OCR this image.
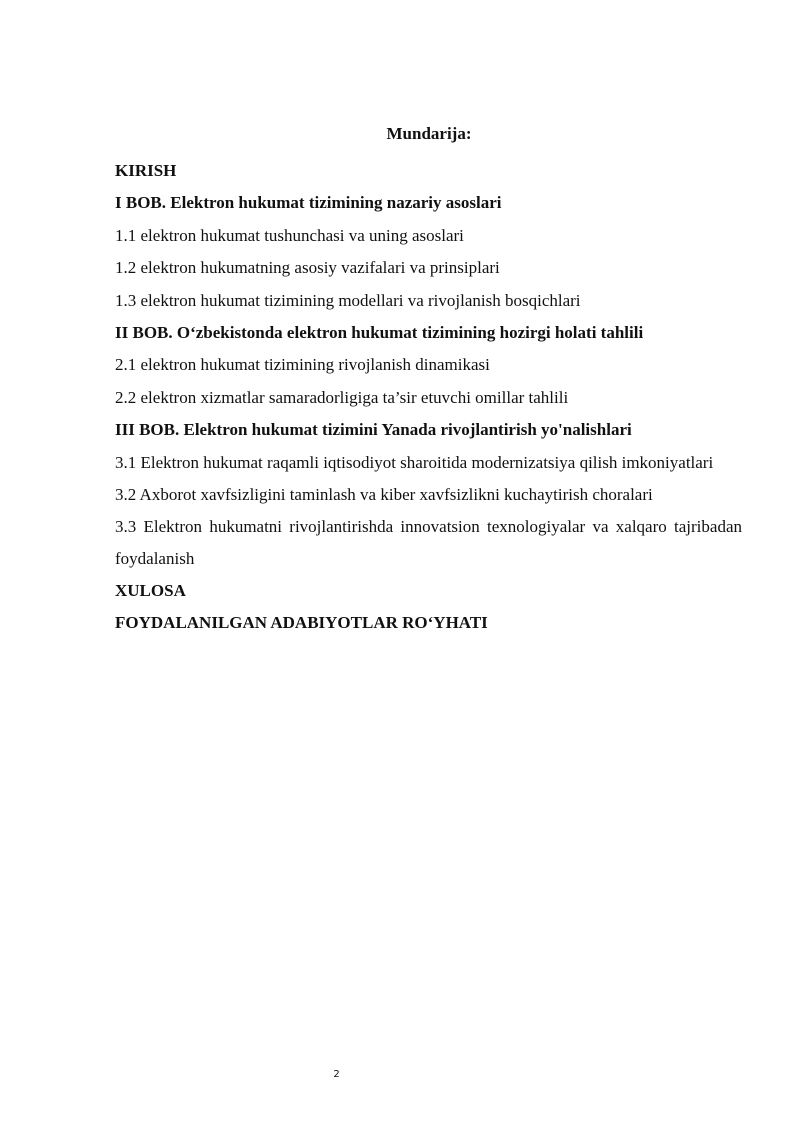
Mundarija:

KIRISH

I BOB. Elektron hukumat tizimining nazariy asoslari

1.1 elektron hukumat tushunchasi va uning asoslari

1.2 elektron hukumatning asosiy vazifalari va prinsiplari

1.3 elektron hukumat tizimining modellari va rivojlanish bosqichlari

II BOB. O‘zbekistonda elektron hukumat tizimining hozirgi holati tahlili

2.1 elektron hukumat tizimining rivojlanish dinamikasi

2.2 elektron xizmatlar samaradorligiga ta’sir etuvchi omillar tahlili

III BOB. Elektron hukumat tizimini Yanada rivojlantirish yo'nalishlari

3.1 Elektron hukumat raqamli iqtisodiyot sharoitida modernizatsiya qilish imkoniyatlari

3.2 Axborot xavfsizligini taminlash va kiber xavfsizlikni kuchaytirish choralari

3.3 Elektron hukumatni rivojlantirishda innovatsion texnologiyalar va xalqaro tajribadan foydalanish

XULOSA

FOYDALANILGAN ADABIYOTLAR RO‘YHATI

2
